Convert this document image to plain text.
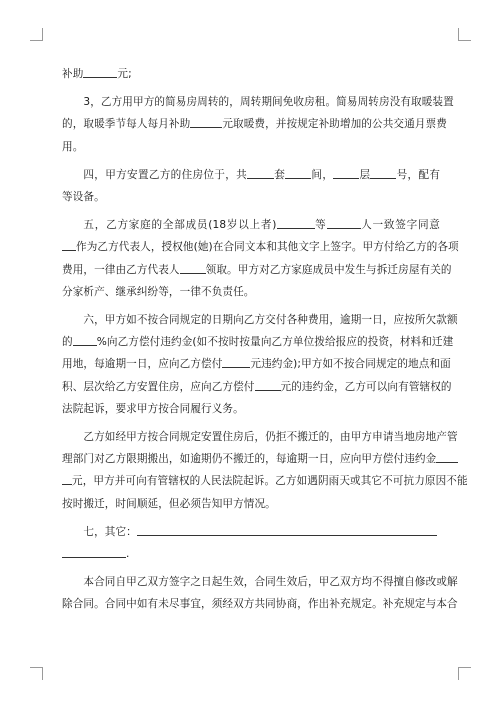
补助	元;
3，乙方用甲方的简易房周转的，周转期间免收房租。简易周转房没有取暖装置
的，取暖季节每人每月补助	元取暖费，并按规定补助增加的公共交通月票费
用。
四，甲方安置乙方的住房位于，共	套 间， 层 号，配有
等设备。
五，乙方家庭的全部成员(18岁以上者)	等	人一致签字同意
作为乙方代表人，授权他(她)在合同文本和其他文字上签字。甲方付给乙方的各项
费用，一律由乙方代表人 领取。甲方对乙方家庭成员中发生与拆迁房屋有关的
分家析产、继承纠纷等，一律不负责任。
六，甲方如不按合同规定的日期向乙方交付各种费用，逾期一日，应按所欠款额
的 %向乙方偿付违约金(如不按时按量向乙方单位拨给报应的投资，材料和迁建
用地，每逾期一日，应向乙方偿付	元违约金);甲方如不按合同规定的地点和面
积、层次给乙方安置住房，应向乙方偿付 元的违约金，乙方可以向有管辖权的
法院起诉，要求甲方按合同履行义务。
乙方如经甲方按合同规定安置住房后，仍拒不搬迁的，由甲方申请当地房地产管
理部门对乙方限期搬出，如逾期仍不搬迁的，每逾期一日，应向甲方偿付违约金
元，甲方并可向有管辖权的人民法院起诉。乙方如遇阴雨天或其它不可抗力原因不能
按时搬迁，时间顺延，但必须告知甲方情况。
七，其它：
.
本合同自甲乙双方签字之日起生效，合同生效后，甲乙双方均不得擅自修改或解
除合同。合同中如有未尽事宜，须经双方共同协商，作出补充规定。补充规定与本合
